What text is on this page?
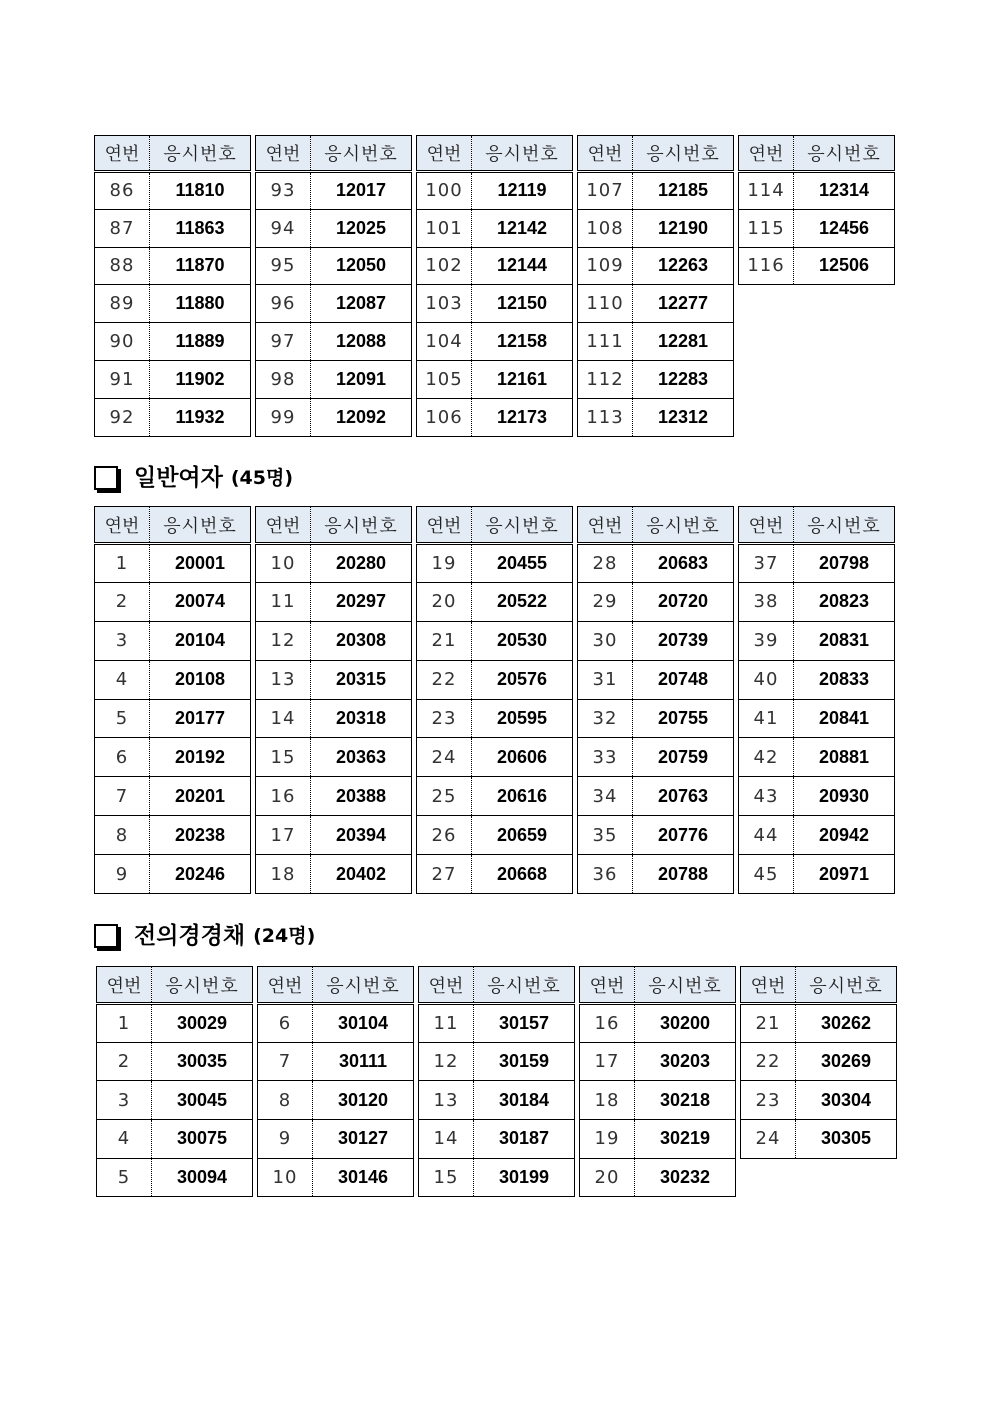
연번	응시번호
86	11810
87	11863
88	11870
89	11880
90	11889
91	11902
92	11932
연번	응시번호
93	12017
94	12025
95	12050
96	12087
97	12088
98	12091
99	12092
연번	응시번호
100	12119
101	12142
102	12144
103	12150
104	12158
105	12161
106	12173
연번	응시번호
107	12185
108	12190
109	12263
110	12277
111	12281
112	12283
113	12312
연번	응시번호
114	12314
115	12456
116	12506
연번	응시번호
1	20001
2	20074
3	20104
4	20108
5	20177
6	20192
7	20201
8	20238
9	20246
연번	응시번호
10	20280
11	20297
12	20308
13	20315
14	20318
15	20363
16	20388
17	20394
18	20402
연번	응시번호
19	20455
20	20522
21	20530
22	20576
23	20595
24	20606
25	20616
26	20659
27	20668
연번	응시번호
28	20683
29	20720
30	20739
31	20748
32	20755
33	20759
34	20763
35	20776
36	20788
연번	응시번호
37	20798
38	20823
39	20831
40	20833
41	20841
42	20881
43	20930
44	20942
45	20971
일반여자 (45명)
연번	응시번호
1	30029
2	30035
3	30045
4	30075
5	30094
연번	응시번호
6	30104
7	30111
8	30120
9	30127
10	30146
연번	응시번호
11	30157
12	30159
13	30184
14	30187
15	30199
연번	응시번호
16	30200
17	30203
18	30218
19	30219
20	30232
연번	응시번호
21	30262
22	30269
23	30304
24	30305
전의경경채 (24명)
